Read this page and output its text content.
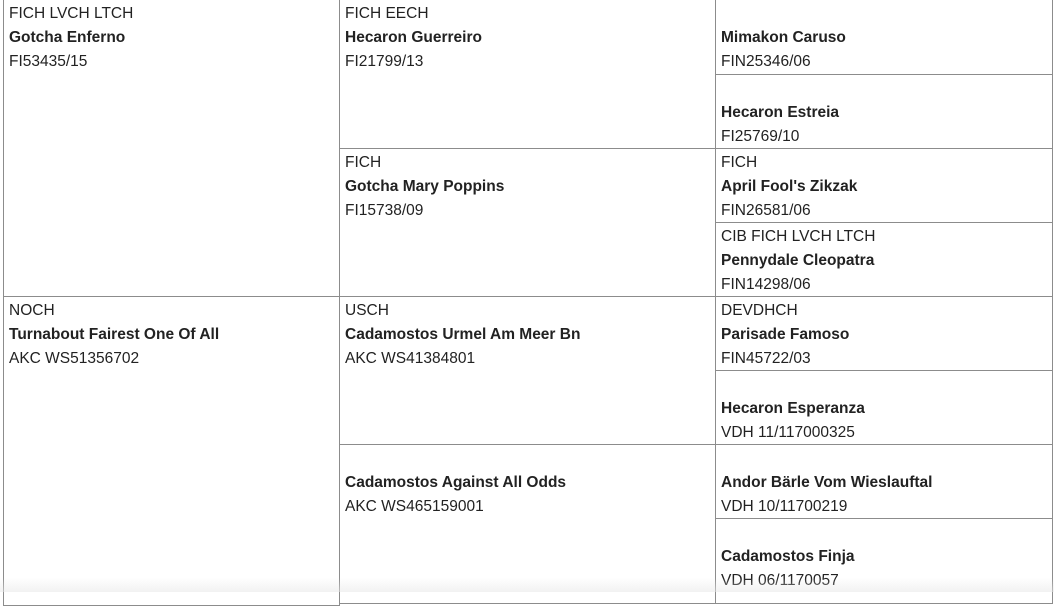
FICH LVCH LTCH
Gotcha Enferno
FI53435/15
NOCH
Turnabout Fairest One Of All
AKC WS51356702
FICH EECH
Hecaron Guerreiro
FI21799/13
FICH
Gotcha Mary Poppins
FI15738/09
USCH
Cadamostos Urmel Am Meer Bn
AKC WS41384801
Cadamostos Against All Odds
AKC WS465159001
Mimakon Caruso
FIN25346/06
Hecaron Estreia
FI25769/10
FICH
April Fool's Zikzak
FIN26581/06
CIB FICH LVCH LTCH
Pennydale Cleopatra
FIN14298/06
DEVDHCH
Parisade Famoso
FIN45722/03
Hecaron Esperanza
VDH 11/117000325
Andor Bärle Vom Wieslauftal
VDH 10/11700219
Cadamostos Finja
VDH 06/1170057
